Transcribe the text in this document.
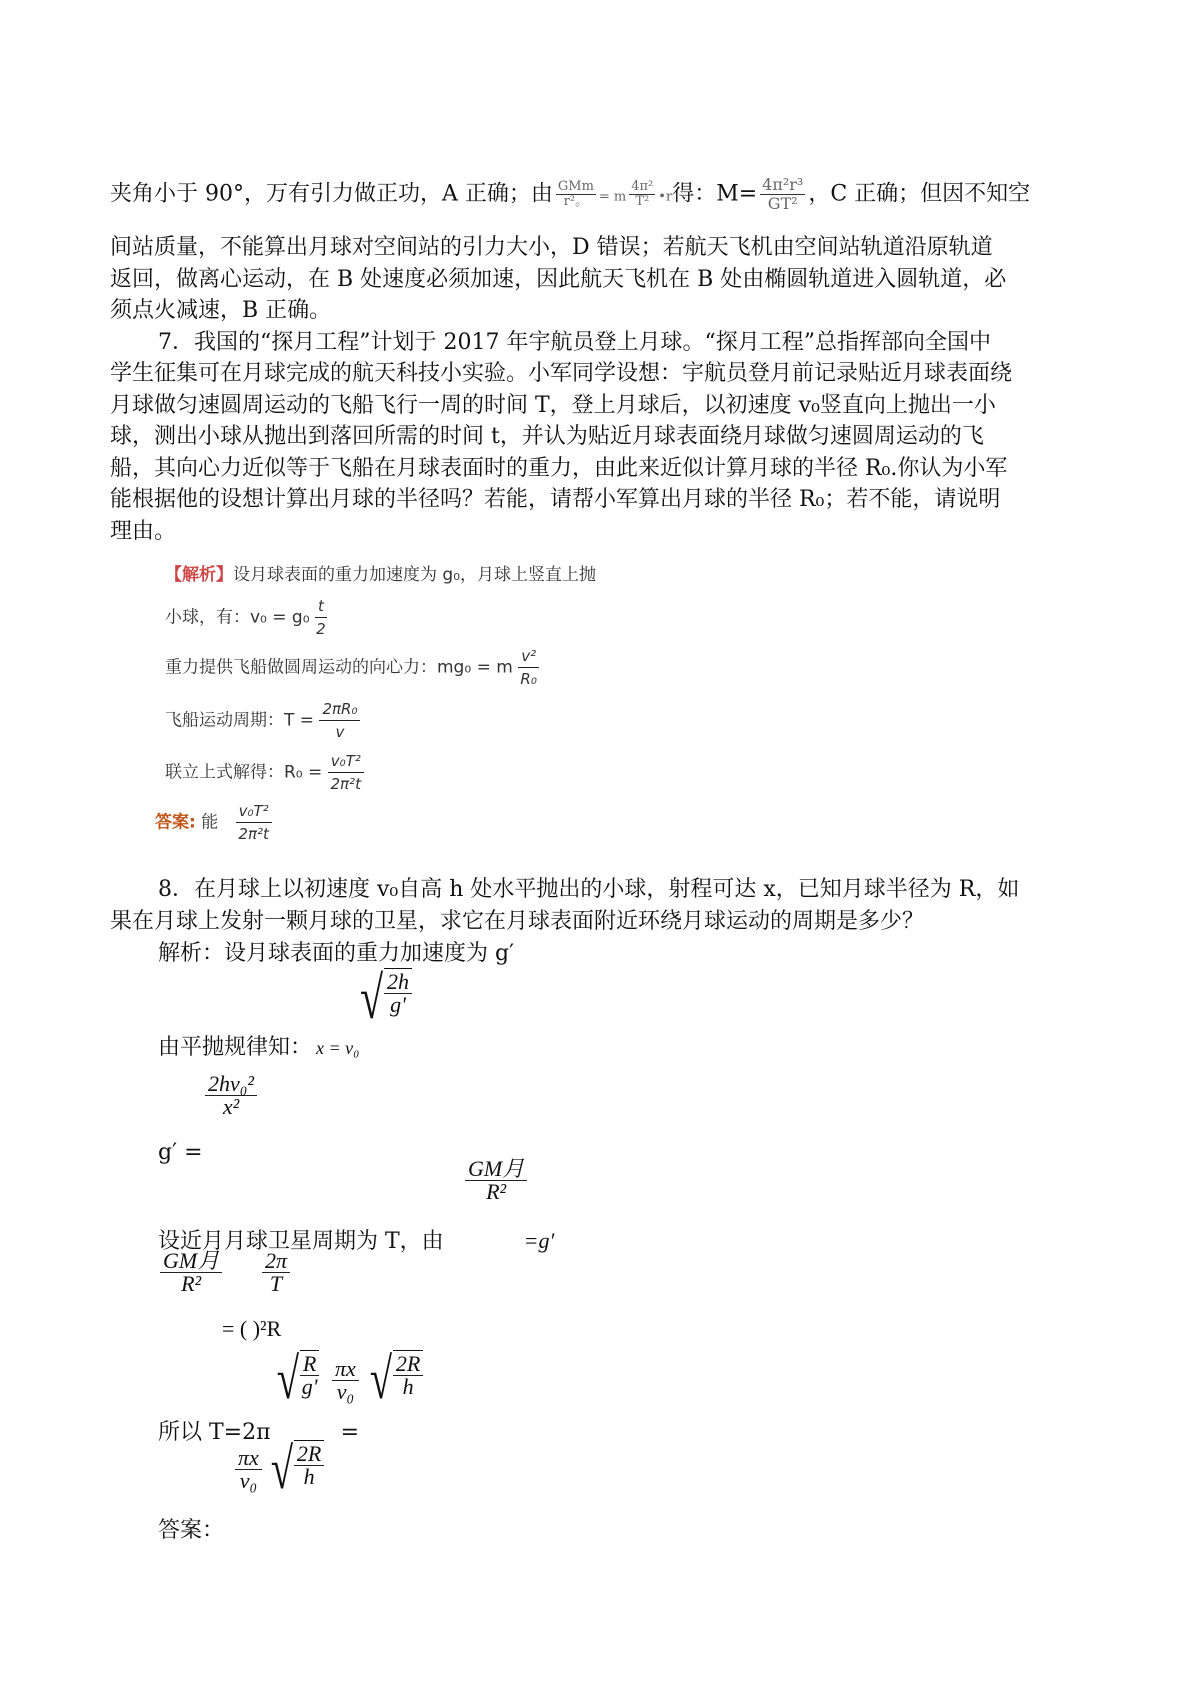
夹角小于 90°，万有引力做正功，A 正确；由 $\frac{\text{GMm}}{\text{r²。}} = m \frac{\text{4π²}}{\text{T²}}$ •r得：$M= \frac{\text{4π²r³}}{\text{GT²}}$ ，C 正确；但因不知空
间站质量，不能算出月球对空间站的引力大小，D 错误；若航天飞机由空间站轨道沿原轨道
返回，做离心运动，在 B 处速度必须加速，因此航天飞机在 B 处由椭圆轨道进入圆轨道，必
须点火减速，B 正确。
7．我国的“探月工程”计划于 2017 年宇航员登上月球。“探月工程”总指挥部向全国中
学生征集可在月球完成的航天科技小实验。小军同学设想：宇航员登月前记录贴近月球表面绕
月球做匀速圆周运动的飞船飞行一周的时间 T，登上月球后，以初速度 v₀竖直向上抛出一小
球，测出小球从抛出到落回所需的时间 t，并认为贴近月球表面绕月球做匀速圆周运动的飞
船，其向心力近似等于飞船在月球表面时的重力，由此来近似计算月球的半径 R₀.你认为小军
能根据他的设想计算出月球的半径吗？若能，请帮小军算出月球的半径 R₀；若不能，请说明
理由。
【解析】设月球表面的重力加速度为 g₀，月球上竖直上抛
小球，有：$v_0 = g_0 \frac{t}{2}$
重力提供飞船做圆周运动的向心力：mg₀ = m $\frac{\text{v²}}{\text{R₀}}$
飞船运动周期：$T = \frac{\text{2πR₀}}{v}$
联立上式解得：$R_0 = \frac{\text{v₀T²}}{\text{2π²t}}$
答案: 能 $\frac{\text{v₀T²}}{\text{2π²t}}$
8．在月球上以初速度 v₀自高 h 处水平抛出的小球，射程可达 x，已知月球半径为 R，如
果在月球上发射一颗月球的卫星，求它在月球表面附近环绕月球运动的周期是多少？
解析：设月球表面的重力加速度为 g′
√ $\frac{2h}{g'}$
由平抛规律知： x = v₀
$\frac{\text{2hv₀²}}{\text{x²}}$
g′ =
$\frac{\text{GM月}}{\text{R²}}$
设近月月球卫星周期为 T，由	=g′
$\frac{\text{GM月}}{\text{R²}} \frac{2\pi}{T}$
= ( )²R
√ $\frac{R}{g'} \frac{\pi x}{\text{v₀}}$ √ $\frac{2R}{h}$
所以 T=2π	=
$\frac{\pi x}{\text{v₀}}$ √ $\frac{2R}{h}$
答案：
